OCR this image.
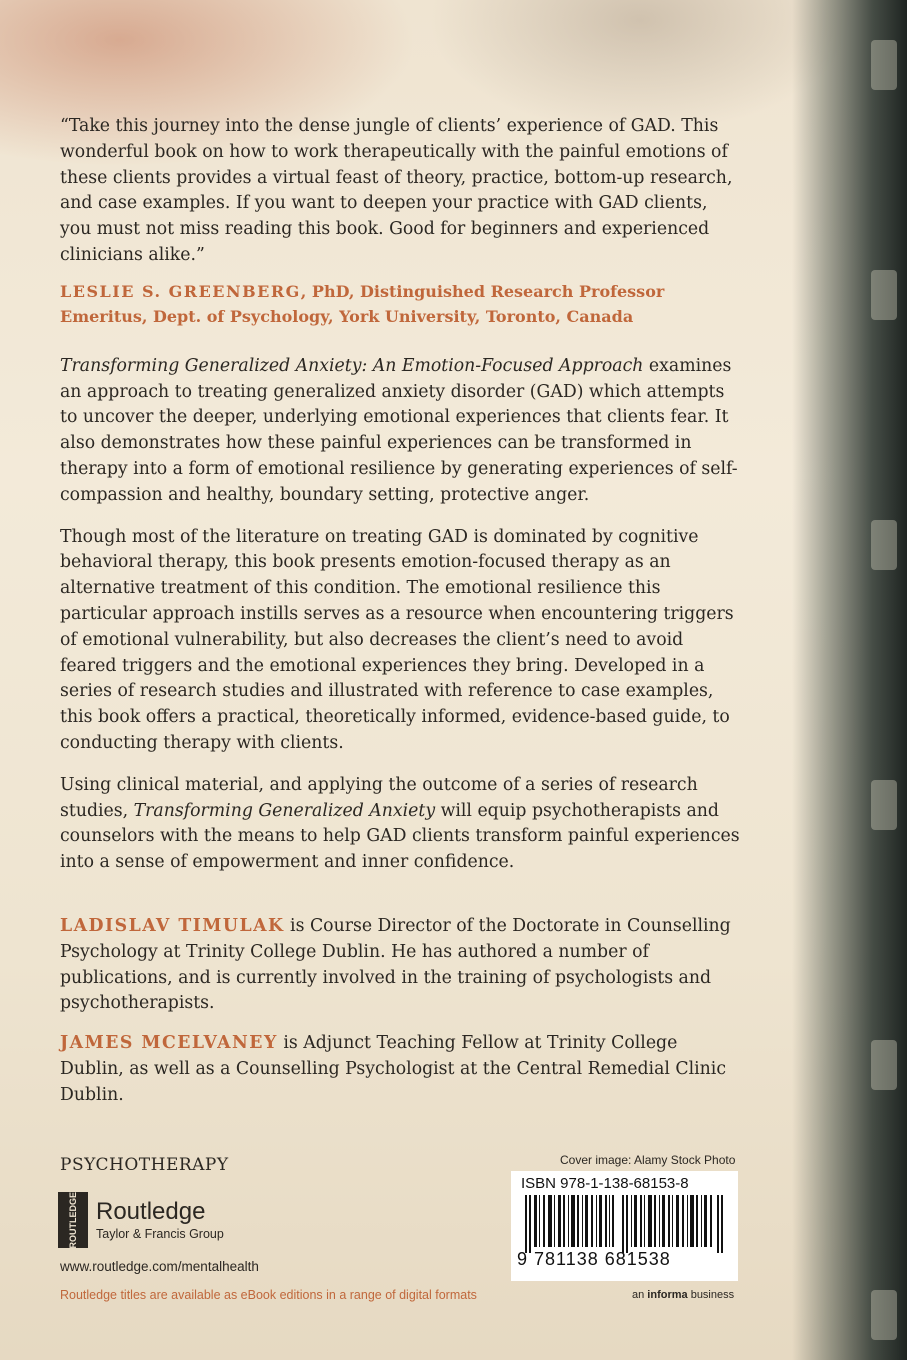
“Take this journey into the dense jungle of clients’ experience of GAD. This wonderful book on how to work therapeutically with the painful emotions of these clients provides a virtual feast of theory, practice, bottom-up research, and case examples. If you want to deepen your practice with GAD clients, you must not miss reading this book. Good for beginners and experienced clinicians alike.”

LESLIE S. GREENBERG, PhD, Distinguished Research Professor Emeritus, Dept. of Psychology, York University, Toronto, Canada

Transforming Generalized Anxiety: An Emotion-Focused Approach examines an approach to treating generalized anxiety disorder (GAD) which attempts to uncover the deeper, underlying emotional experiences that clients fear. It also demonstrates how these painful experiences can be transformed in therapy into a form of emotional resilience by generating experiences of self-compassion and healthy, boundary setting, protective anger.

Though most of the literature on treating GAD is dominated by cognitive behavioral therapy, this book presents emotion-focused therapy as an alternative treatment of this condition. The emotional resilience this particular approach instills serves as a resource when encountering triggers of emotional vulnerability, but also decreases the client’s need to avoid feared triggers and the emotional experiences they bring. Developed in a series of research studies and illustrated with reference to case examples, this book offers a practical, theoretically informed, evidence-based guide, to conducting therapy with clients.

Using clinical material, and applying the outcome of a series of research studies, Transforming Generalized Anxiety will equip psychotherapists and counselors with the means to help GAD clients transform painful experiences into a sense of empowerment and inner confidence.

LADISLAV TIMULAK is Course Director of the Doctorate in Counselling Psychology at Trinity College Dublin. He has authored a number of publications, and is currently involved in the training of psychologists and psychotherapists.

JAMES MCELVANEY is Adjunct Teaching Fellow at Trinity College Dublin, as well as a Counselling Psychologist at the Central Remedial Clinic Dublin.

PSYCHOTHERAPY
ROUTLEDGE Routledge
Taylor & Francis Group
www.routledge.com/mentalhealth
Routledge titles are available as eBook editions in a range of digital formats
Cover image: Alamy Stock Photo
ISBN 978-1-138-68153-8
9 781138 681538
an informa business
